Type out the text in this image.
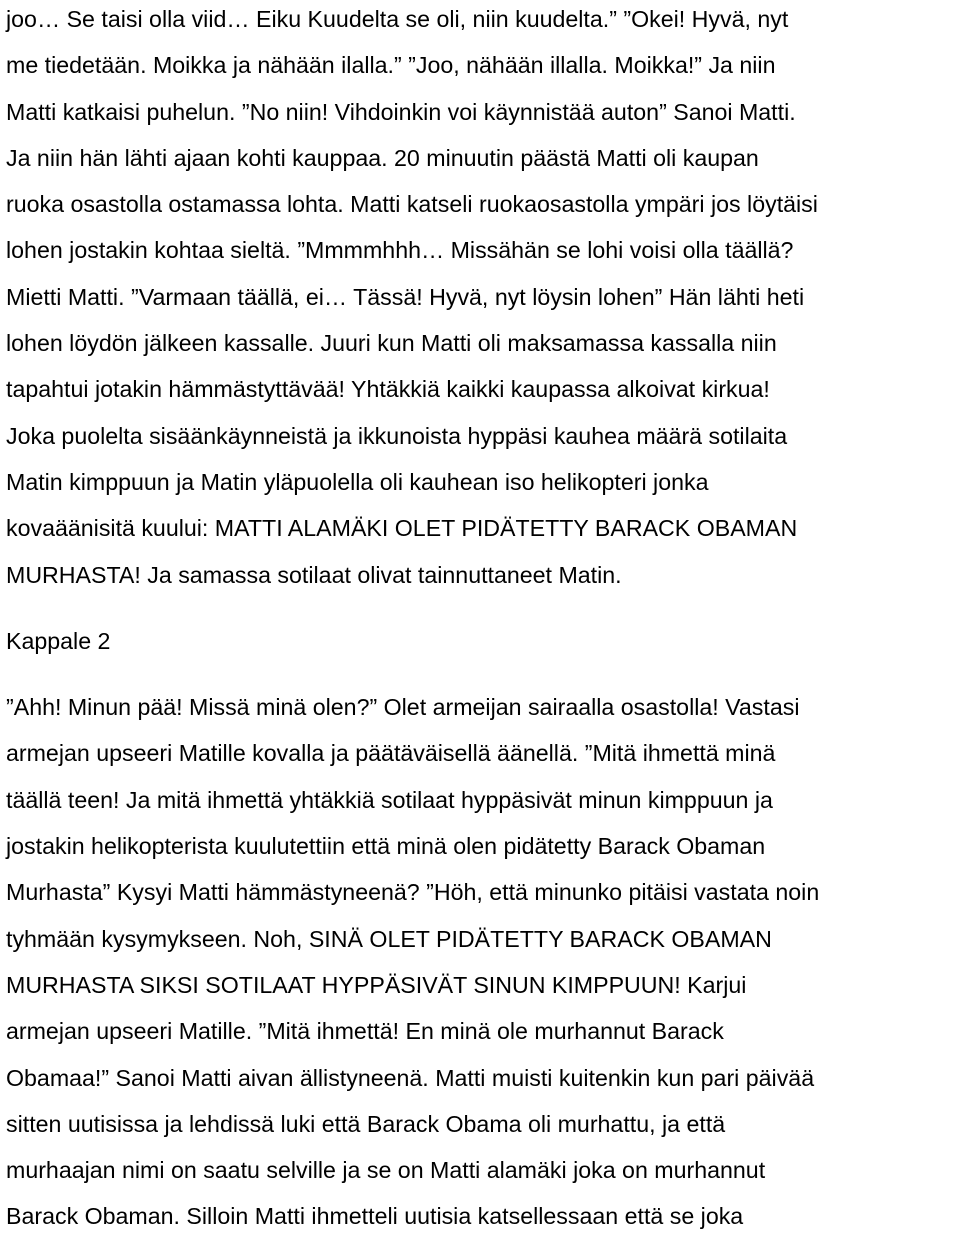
joo… Se taisi olla viid… Eiku Kuudelta se oli, niin kuudelta.” ”Okei! Hyvä, nyt
me tiedetään. Moikka ja nähään ilalla.” ”Joo, nähään illalla. Moikka!” Ja niin
Matti katkaisi puhelun. ”No niin! Vihdoinkin voi käynnistää auton” Sanoi Matti.
Ja niin hän lähti ajaan kohti kauppaa. 20 minuutin päästä Matti oli kaupan
ruoka osastolla ostamassa lohta. Matti katseli ruokaosastolla ympäri jos löytäisi
lohen jostakin kohtaa sieltä. ”Mmmmhhh… Missähän se lohi voisi olla täällä?
Mietti Matti. ”Varmaan täällä, ei… Tässä! Hyvä, nyt löysin lohen” Hän lähti heti
lohen löydön jälkeen kassalle. Juuri kun Matti oli maksamassa kassalla niin
tapahtui jotakin hämmästyttävää! Yhtäkkiä kaikki kaupassa alkoivat kirkua!
Joka puolelta sisäänkäynneistä ja ikkunoista hyppäsi kauhea määrä sotilaita
Matin kimppuun ja Matin yläpuolella oli kauhean iso helikopteri jonka
kovaäänisitä kuului: MATTI ALAMÄKI OLET PIDÄTETTY BARACK OBAMAN
MURHASTA! Ja samassa sotilaat olivat tainnuttaneet Matin.
Kappale 2
”Ahh! Minun pää! Missä minä olen?” Olet armeijan sairaalla osastolla! Vastasi
armejan upseeri Matille kovalla ja päätäväisellä äänellä. ”Mitä ihmettä minä
täällä teen! Ja mitä ihmettä yhtäkkiä sotilaat hyppäsivät minun kimppuun ja
jostakin helikopterista kuulutettiin että minä olen pidätetty Barack Obaman
Murhasta” Kysyi Matti hämmästyneenä? ”Höh, että minunko pitäisi vastata noin
tyhmään kysymykseen. Noh, SINÄ OLET PIDÄTETTY BARACK OBAMAN
MURHASTA SIKSI SOTILAAT HYPPÄSIVÄT SINUN KIMPPUUN! Karjui
armejan upseeri Matille. ”Mitä ihmettä! En minä ole murhannut Barack
Obamaa!” Sanoi Matti aivan ällistyneenä. Matti muisti kuitenkin kun pari päivää
sitten uutisissa ja lehdissä luki että Barack Obama oli murhattu, ja että
murhaajan nimi on saatu selville ja se on Matti alamäki joka on murhannut
Barack Obaman. Silloin Matti ihmetteli uutisia katsellessaan että se joka
